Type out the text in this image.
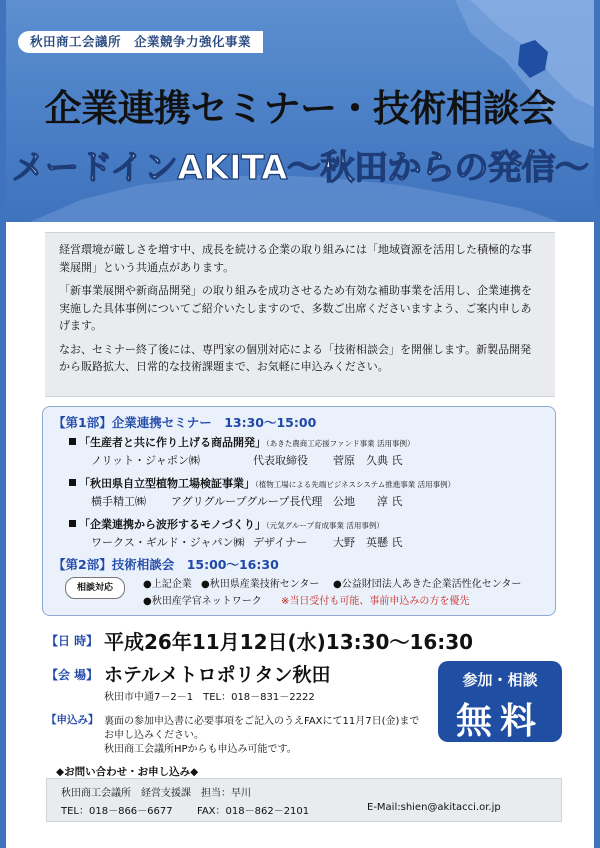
秋田商工会議所　企業競争力強化事業
企業連携セミナー・技術相談会
メードインAKITA～秋田からの発信～

経営環境が厳しさを増す中、成長を続ける企業の取り組みには「地域資源を活用した積極的な事業展開」という共通点があります。

「新事業展開や新商品開発」の取り組みを成功させるため有効な補助事業を活用し、企業連携を実施した具体事例についてご紹介いたしますので、多数ご出席くださいますよう、ご案内申しあげます。

なお、セミナー終了後には、専門家の個別対応による「技術相談会」を開催します。新製品開発から販路拡大、日常的な技術課題まで、お気軽に申込みください。

【第1部】企業連携セミナー　13:30～15:00
「生産者と共に作り上げる商品開発」（あきた農商工応援ファンド事業 活用事例）
ノリット・ジャポン㈱	代表取締役 菅原　久典 氏
「秋田県自立型植物工場検証事業」（植物工場による先端ビジネスシステム推進事業 活用事例）
横手精工㈱ アグリグループグループ長代理 公地　　淳 氏
「企業連携から波形するモノづくり」（元気グループ育成事業 活用事例）
ワークス・ギルド・ジャパン㈱ デザイナー 大野　英懸 氏
【第2部】技術相談会　15:00～16:30
相談対応	●上記企業 ●秋田県産業技術センター ●公益財団法人あきた企業活性化センター
●秋田産学官ネットワーク ※当日受付も可能、事前申込みの方を優先
【日 時】 平成26年11月12日(水)13:30～16:30
【会 場】 ホテルメトロポリタン秋田
秋田市中通7－2－1　TEL：018－831－2222
【申込み】 裏面の参加申込書に必要事項をご記入のうえFAXにて11月7日(金)まで
お申し込みください。
秋田商工会議所HPからも申込み可能です。
参加・相談
無料
◆お問い合わせ・お申し込み◆
秋田商工会議所　経営支援課　担当：早川
TEL：018－866－6677 FAX：018－862－2101	E-Mail:shien@akitacci.or.jp
